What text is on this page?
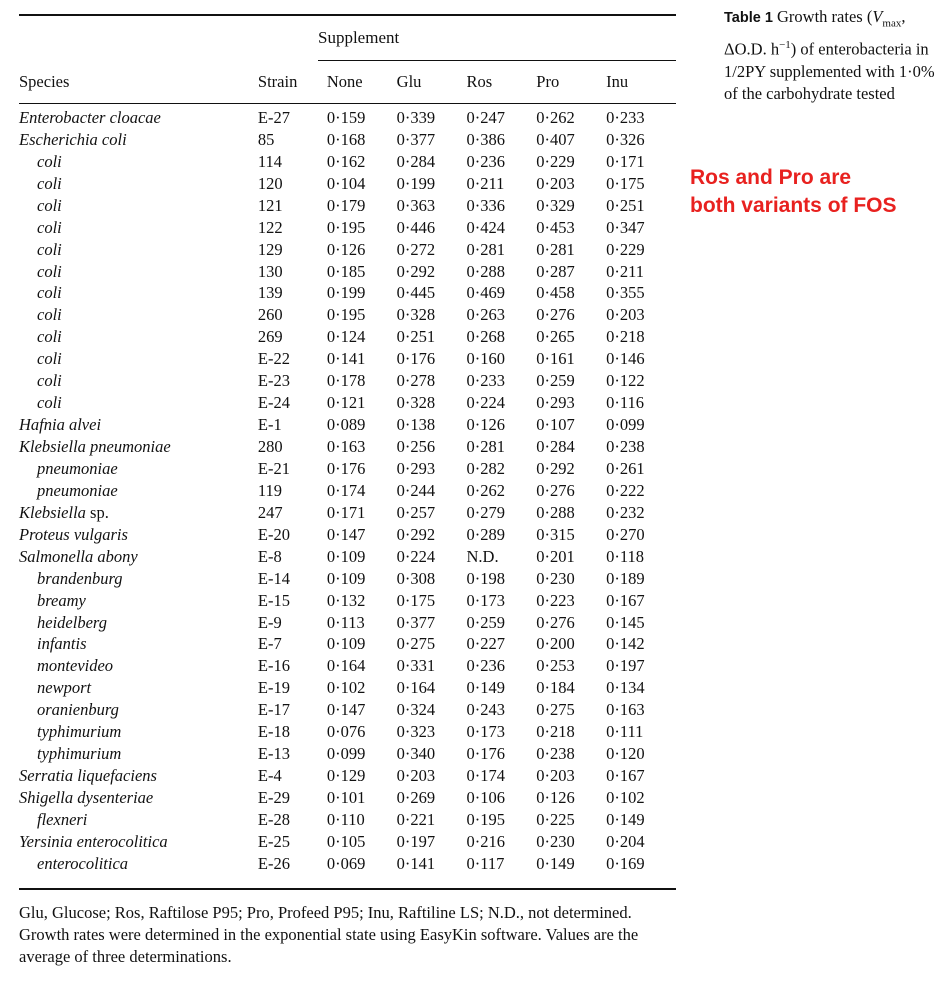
Supplement
Species	Strain	None	Glu	Ros	Pro	Inu

Enterobacter cloacae	E-27	0·159	0·339	0·247	0·262	0·233
Escherichia coli	85	0·168	0·377	0·386	0·407	0·326
coli	114	0·162	0·284	0·236	0·229	0·171
coli	120	0·104	0·199	0·211	0·203	0·175
coli	121	0·179	0·363	0·336	0·329	0·251
coli	122	0·195	0·446	0·424	0·453	0·347
coli	129	0·126	0·272	0·281	0·281	0·229
coli	130	0·185	0·292	0·288	0·287	0·211
coli	139	0·199	0·445	0·469	0·458	0·355
coli	260	0·195	0·328	0·263	0·276	0·203
coli	269	0·124	0·251	0·268	0·265	0·218
coli	E-22	0·141	0·176	0·160	0·161	0·146
coli	E-23	0·178	0·278	0·233	0·259	0·122
coli	E-24	0·121	0·328	0·224	0·293	0·116
Hafnia alvei	E-1	0·089	0·138	0·126	0·107	0·099
Klebsiella pneumoniae	280	0·163	0·256	0·281	0·284	0·238
pneumoniae	E-21	0·176	0·293	0·282	0·292	0·261
pneumoniae	119	0·174	0·244	0·262	0·276	0·222
Klebsiella sp.	247	0·171	0·257	0·279	0·288	0·232
Proteus vulgaris	E-20	0·147	0·292	0·289	0·315	0·270
Salmonella abony	E-8	0·109	0·224	N.D.	0·201	0·118
brandenburg	E-14	0·109	0·308	0·198	0·230	0·189
breamy	E-15	0·132	0·175	0·173	0·223	0·167
heidelberg	E-9	0·113	0·377	0·259	0·276	0·145
infantis	E-7	0·109	0·275	0·227	0·200	0·142
montevideo	E-16	0·164	0·331	0·236	0·253	0·197
newport	E-19	0·102	0·164	0·149	0·184	0·134
oranienburg	E-17	0·147	0·324	0·243	0·275	0·163
typhimurium	E-18	0·076	0·323	0·173	0·218	0·111
typhimurium	E-13	0·099	0·340	0·176	0·238	0·120
Serratia liquefaciens	E-4	0·129	0·203	0·174	0·203	0·167
Shigella dysenteriae	E-29	0·101	0·269	0·106	0·126	0·102
flexneri	E-28	0·110	0·221	0·195	0·225	0·149
Yersinia enterocolitica	E-25	0·105	0·197	0·216	0·230	0·204
enterocolitica	E-26	0·069	0·141	0·117	0·149	0·169
Table 1 Growth rates ($V_{max}$, ΔO.D. $h^{-1}$) of enterobacteria in 1/2PY supplemented with 1·0% of the carbohydrate tested
Ros and Pro are
both variants of FOS

Glu, Glucose; Ros, Raftilose P95; Pro, Profeed P95; Inu, Raftiline LS; N.D., not determined.

Growth rates were determined in the exponential state using EasyKin software. Values are the average of three determinations.
